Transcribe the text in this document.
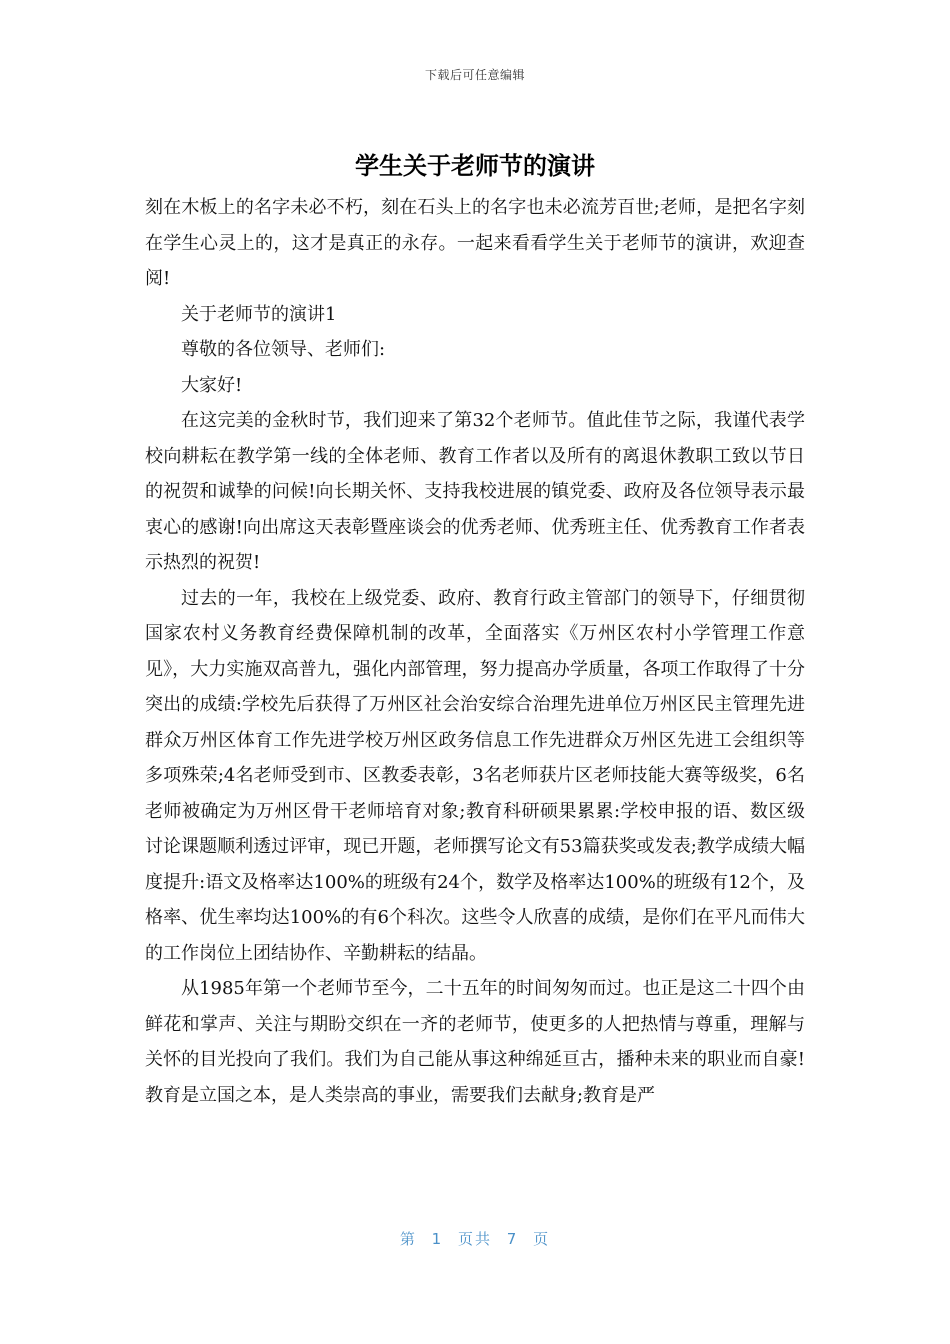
下载后可任意编辑
学生关于老师节的演讲

刻在木板上的名字未必不朽，刻在石头上的名字也未必流芳百世;老师，是把名字刻在学生心灵上的，这才是真正的永存。一起来看看学生关于老师节的演讲，欢迎查阅!

关于老师节的演讲1

尊敬的各位领导、老师们:

大家好!

在这完美的金秋时节，我们迎来了第32个老师节。值此佳节之际，我谨代表学校向耕耘在教学第一线的全体老师、教育工作者以及所有的离退休教职工致以节日的祝贺和诚挚的问候!向长期关怀、支持我校进展的镇党委、政府及各位领导表示最衷心的感谢!向出席这天表彰暨座谈会的优秀老师、优秀班主任、优秀教育工作者表示热烈的祝贺!

过去的一年，我校在上级党委、政府、教育行政主管部门的领导下，仔细贯彻国家农村义务教育经费保障机制的改革，全面落实《万州区农村小学管理工作意见》，大力实施双高普九，强化内部管理，努力提高办学质量，各项工作取得了十分突出的成绩:学校先后获得了万州区社会治安综合治理先进单位万州区民主管理先进群众万州区体育工作先进学校万州区政务信息工作先进群众万州区先进工会组织等多项殊荣;4名老师受到市、区教委表彰，3名老师获片区老师技能大赛等级奖，6名老师被确定为万州区骨干老师培育对象;教育科研硕果累累:学校申报的语、数区级讨论课题顺利透过评审，现已开题，老师撰写论文有53篇获奖或发表;教学成绩大幅度提升:语文及格率达100%的班级有24个，数学及格率达100%的班级有12个，及格率、优生率均达100%的有6个科次。这些令人欣喜的成绩，是你们在平凡而伟大的工作岗位上团结协作、辛勤耕耘的结晶。

从1985年第一个老师节至今，二十五年的时间匆匆而过。也正是这二十四个由鲜花和掌声、关注与期盼交织在一齐的老师节，使更多的人把热情与尊重，理解与关怀的目光投向了我们。我们为自己能从事这种绵延亘古，播种未来的职业而自豪!教育是立国之本，是人类崇高的事业，需要我们去献身;教育是严

第 1 页共 7 页
